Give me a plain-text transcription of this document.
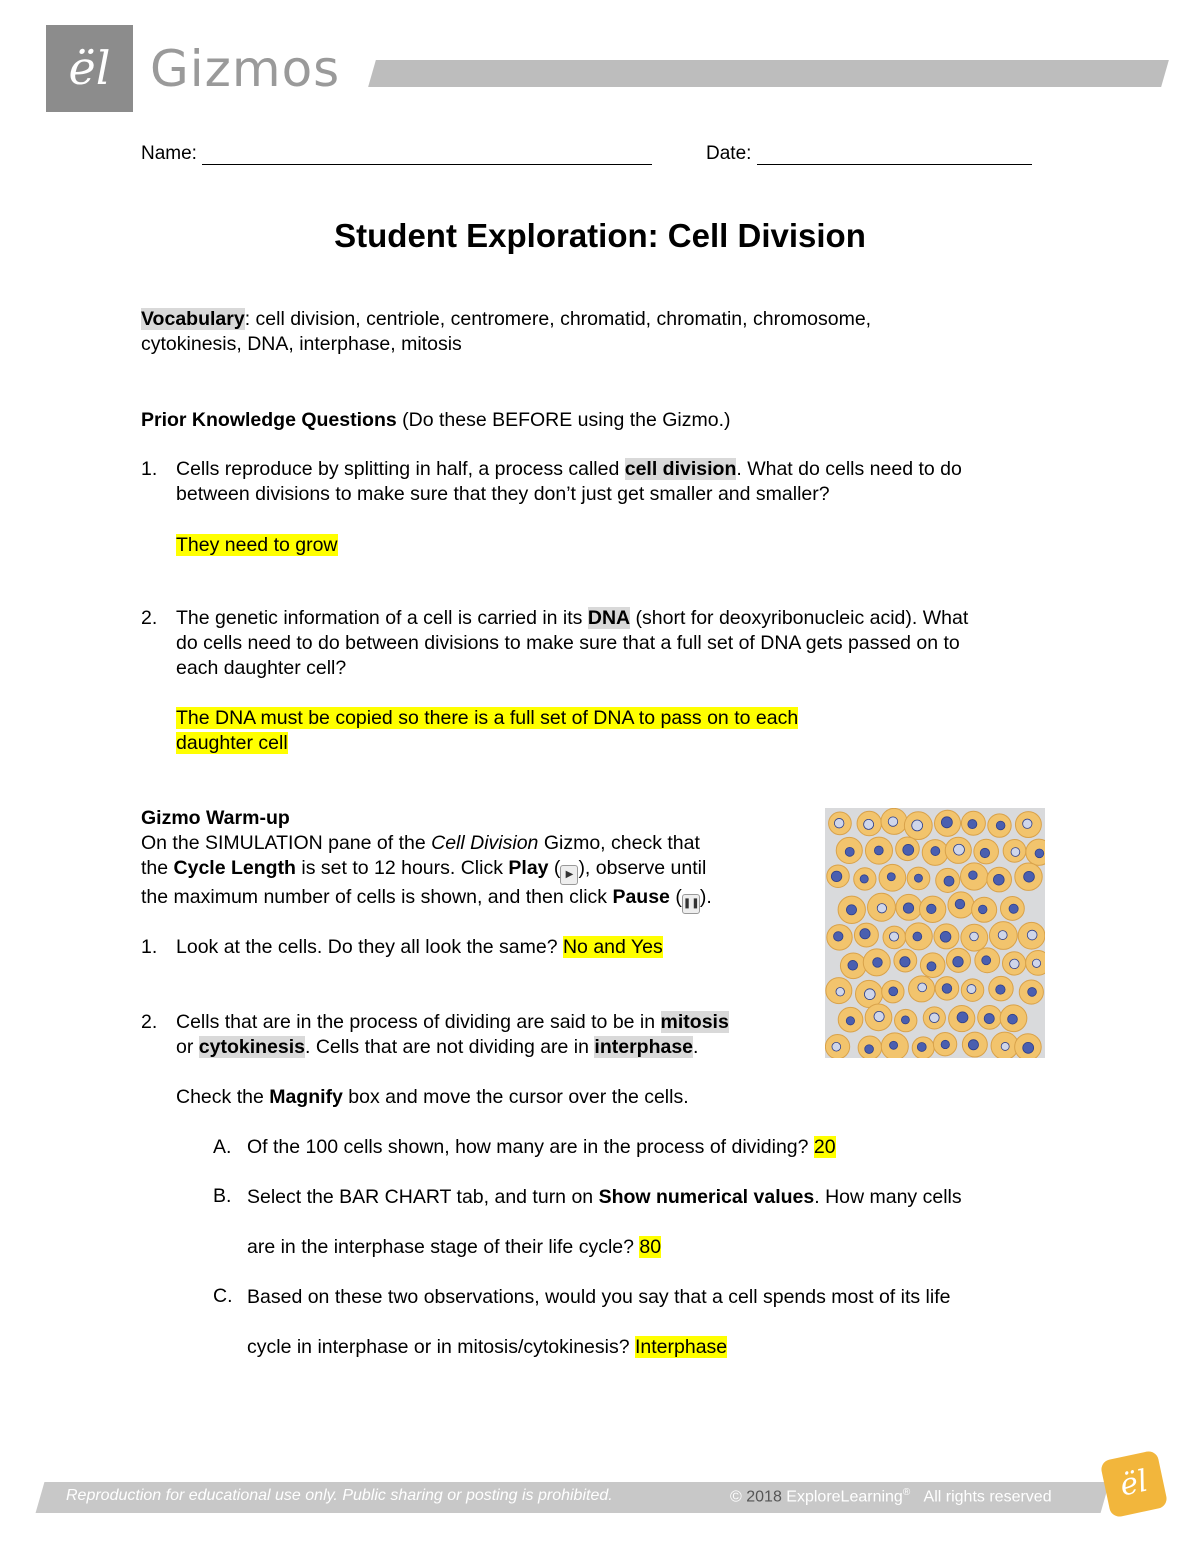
ël Gizmos
Name:	Date:
Student Exploration: Cell Division
Vocabulary: cell division, centriole, centromere, chromatid, chromatin, chromosome,
cytokinesis, DNA, interphase, mitosis
Prior Knowledge Questions (Do these BEFORE using the Gizmo.)
1. Cells reproduce by splitting in half, a process called cell division. What do cells need to do
between divisions to make sure that they don’t just get smaller and smaller?
They need to grow
2. The genetic information of a cell is carried in its DNA (short for deoxyribonucleic acid). What
do cells need to do between divisions to make sure that a full set of DNA gets passed on to
each daughter cell?
The DNA must be copied so there is a full set of DNA to pass on to each
daughter cell
Gizmo Warm-up
On the SIMULATION pane of the Cell Division Gizmo, check that
the Cycle Length is set to 12 hours. Click Play ( ▶ ), observe until
the maximum number of cells is shown, and then click Pause (❚❚).
1. Look at the cells. Do they all look the same? No and Yes
2. Cells that are in the process of dividing are said to be in mitosis
or cytokinesis. Cells that are not dividing are in interphase.
Check the Magnify box and move the cursor over the cells.
A. Of the 100 cells shown, how many are in the process of dividing? 20
B. Select the BAR CHART tab, and turn on Show numerical values. How many cells
are in the interphase stage of their life cycle? 80
C. Based on these two observations, would you say that a cell spends most of its life
cycle in interphase or in mitosis/cytokinesis? Interphase
Reproduction for educational use only. Public sharing or posting is prohibited.	© 2018 ExploreLearning® All rights reserved	ël
